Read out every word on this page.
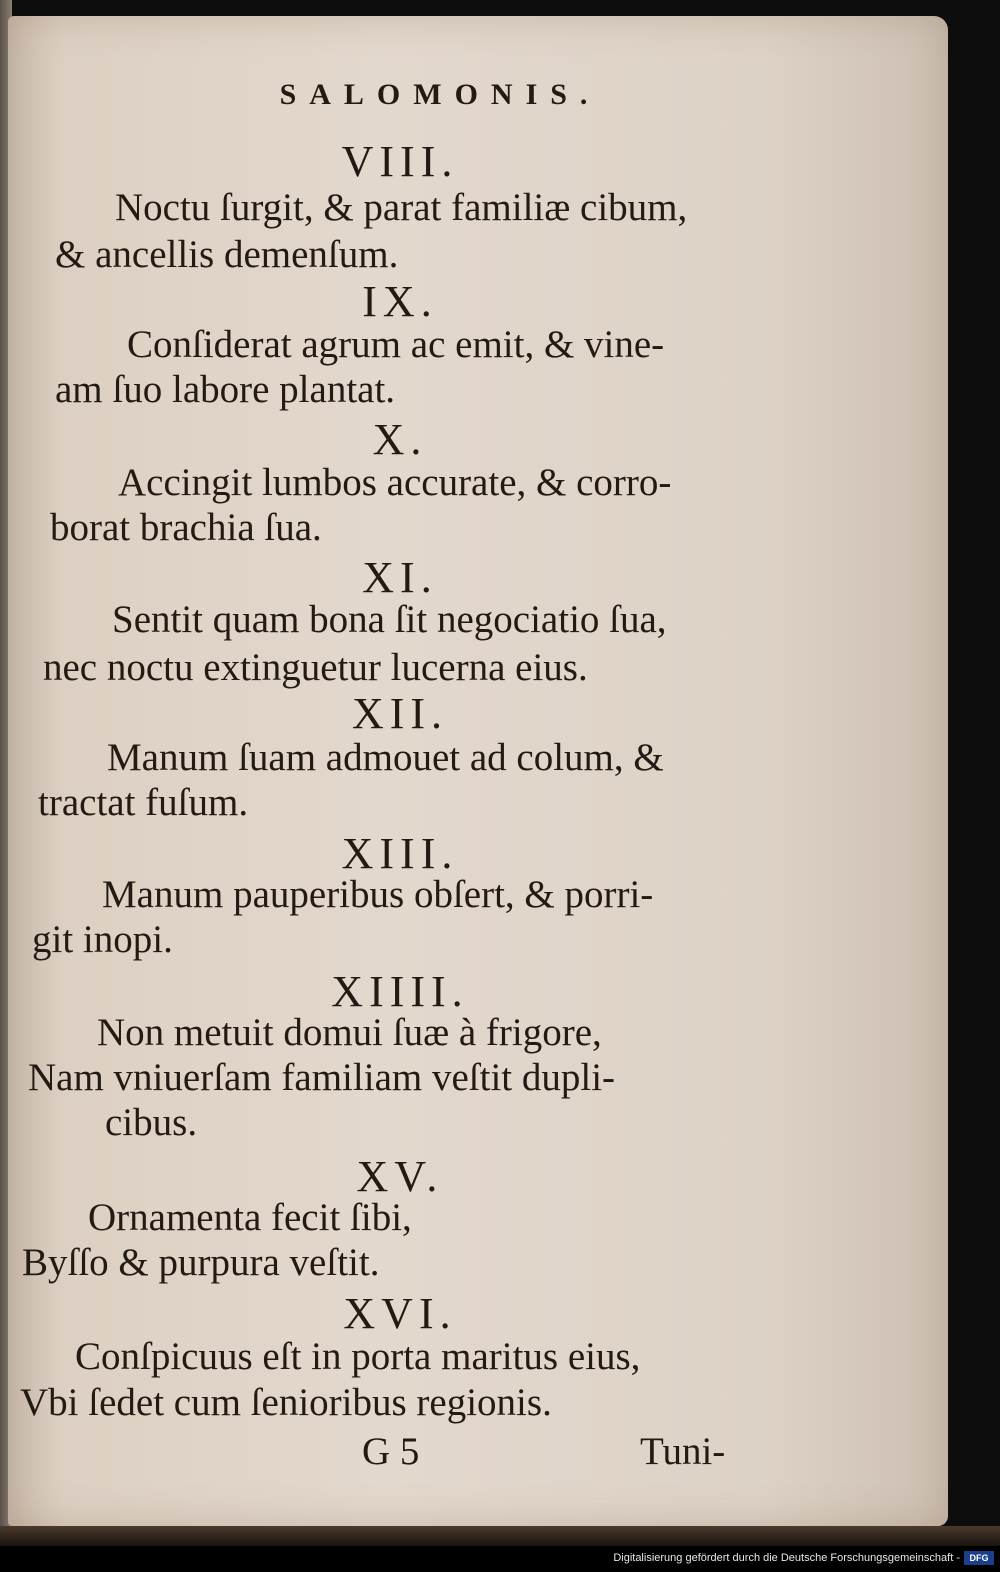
SALOMONIS.
VIII.
Noctu ſurgit, & parat familiæ cibum,
& ancellis demenſum.
IX.
Conſiderat agrum ac emit, & vine-
am ſuo labore plantat.
X.
Accingit lumbos accurate, & corro-
borat brachia ſua.
XI.
Sentit quam bona ſit negociatio ſua,
nec noctu extinguetur lucerna eius.
XII.
Manum ſuam admouet ad colum, &
tractat fuſum.
XIII.
Manum pauperibus obſert, & porri-
git inopi.
XIIII.
Non metuit domui ſuæ à frigore,
Nam vniuerſam familiam veſtit dupli-
cibus.
XV.
Ornamenta fecit ſibi,
Byſſo & purpura veſtit.
XVI.
Conſpicuus eſt in porta maritus eius,
Vbi ſedet cum ſenioribus regionis.
G 5	Tuni-
Digitalisierung gefördert durch die Deutsche Forschungsgemeinschaft -	DFG
